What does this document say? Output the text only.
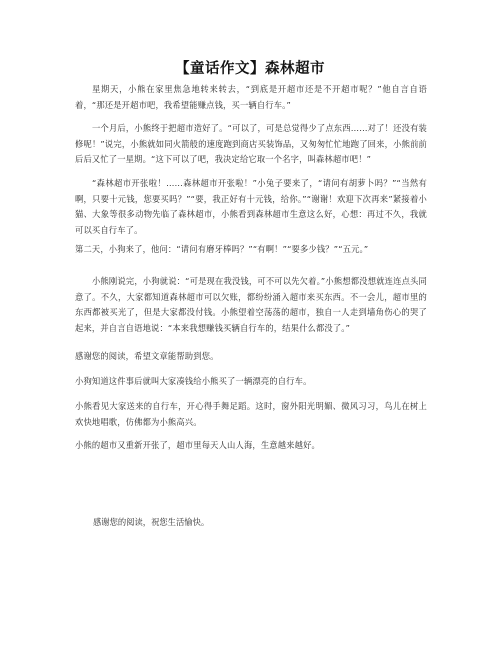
【童话作文】森林超市

星期天，小熊在家里焦急地转来转去，“到底是开超市还是不开超市呢？”他自言自语着，“那还是开超市吧，我希望能赚点钱，买一辆自行车。”

一个月后，小熊终于把超市造好了。“可以了，可是总觉得少了点东西……对了！还没有装修呢！”说完，小熊就如同火箭般的速度跑到商店买装饰品，又匆匆忙忙地跑了回来，小熊前前后后又忙了一星期。“这下可以了吧，我决定给它取一个名字，叫森林超市吧！”

“森林超市开张啦！……森林超市开张啦！”小兔子要来了，“请问有胡萝卜吗？”“当然有啊，只要十元钱，您要买吗？”“要，我正好有十元钱，给你。”“谢谢！欢迎下次再来”紧接着小猫、大象等很多动物先临了森林超市，小熊看到森林超市生意这么好，心想：再过不久，我就可以买自行车了。

第二天，小狗来了，他问：“请问有磨牙棒吗？”“有啊！”“要多少钱？”“五元。”

小熊刚说完，小狗就说：“可是现在我没钱，可不可以先欠着。”小熊想都没想就连连点头同意了。不久，大家都知道森林超市可以欠账，都纷纷涌入超市来买东西。不一会儿，超市里的东西都被买光了，但是大家都没付钱。小熊望着空荡荡的超市，独自一人走到墙角伤心的哭了起来，并自言自语地说：“本来我想赚钱买辆自行车的，结果什么都没了。”

感谢您的阅读，希望文章能帮助到您。

小狗知道这件事后就叫大家凑钱给小熊买了一辆漂亮的自行车。

小熊看见大家送来的自行车，开心得手舞足蹈。这时，窗外阳光明媚、微风习习，鸟儿在树上欢快地唱歌，仿佛都为小熊高兴。

小熊的超市又重新开张了，超市里每天人山人海，生意越来越好。

感谢您的阅读，祝您生活愉快。
